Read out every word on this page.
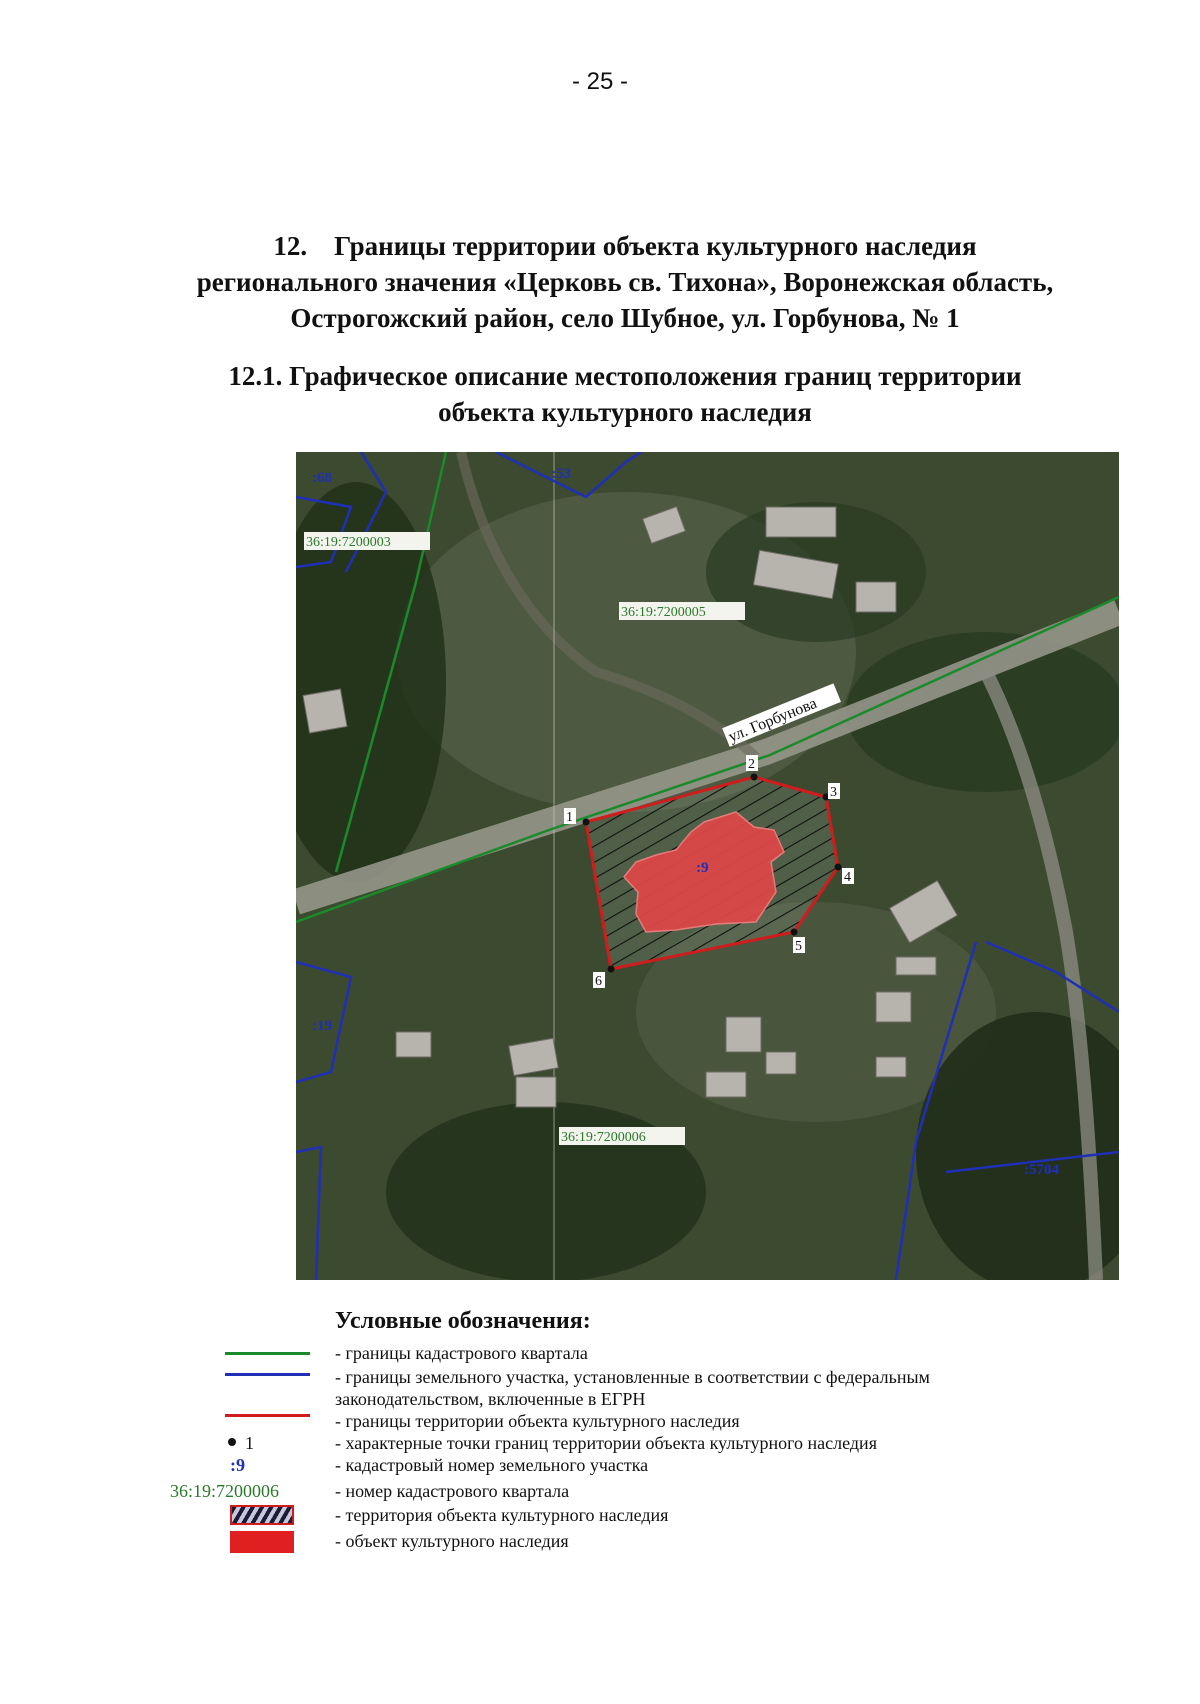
- 25 -
12. Границы территории объекта культурного наследия
регионального значения «Церковь св. Тихона», Воронежская область,
Острогожский район, село Шубное, ул. Горбунова, № 1
12.1. Графическое описание местоположения границ территории
объекта культурного наследия
1
2
3
4
5
6
ул. Горбунова
36:19:7200003
36:19:7200005
36:19:7200006
:53
:9
:19
:68
:5704
Условные обозначения:
- границы кадастрового квартала
- границы земельного участка, установленные в соответствии с федеральным
законодательством, включенные в ЕГРН
- границы территории объекта культурного наследия
1	- характерные точки границ территории объекта культурного наследия
:9	- кадастровый номер земельного участка
36:19:7200006	- номер кадастрового квартала
- территория объекта культурного наследия
- объект культурного наследия
